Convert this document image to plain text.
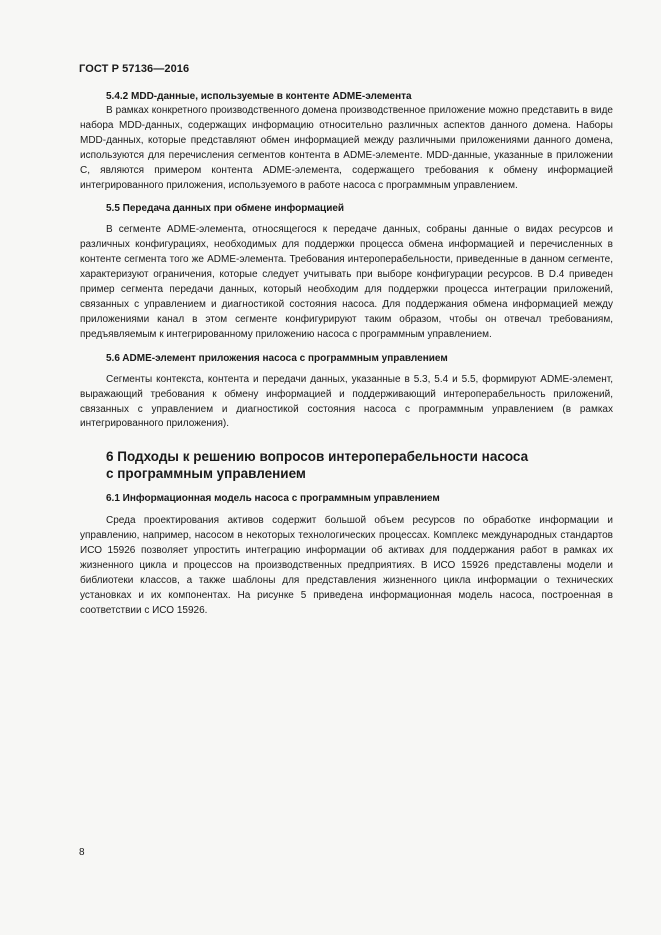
ГОСТ Р 57136—2016

5.4.2 MDD-данные, используемые в контенте ADME-элемента

В рамках конкретного производственного домена производственное приложение можно представить в виде набора MDD-данных, содержащих информацию относительно различных аспектов данного домена. Наборы MDD-данных, которые представляют обмен информацией между различными приложениями данного домена, используются для перечисления сегментов контента в ADME-элементе. MDD-данные, указанные в приложении C, являются примером контента ADME-элемента, содержащего требования к обмену информацией интегрированного приложения, используемого в работе насоса с программным управлением.

5.5 Передача данных при обмене информацией

В сегменте ADME-элемента, относящегося к передаче данных, собраны данные о видах ресурсов и различных конфигурациях, необходимых для поддержки процесса обмена информацией и перечисленных в контенте сегмента того же ADME-элемента. Требования интероперабельности, приведенные в данном сегменте, характеризуют ограничения, которые следует учитывать при выборе конфигурации ресурсов. В D.4 приведен пример сегмента передачи данных, который необходим для поддержки процесса интеграции приложений, связанных с управлением и диагностикой состояния насоса. Для поддержания обмена информацией между приложениями канал в этом сегменте конфигурируют таким образом, чтобы он отвечал требованиям, предъявляемым к интегрированному приложению насоса с программным управлением.

5.6 ADME-элемент приложения насоса с программным управлением

Сегменты контекста, контента и передачи данных, указанные в 5.3, 5.4 и 5.5, формируют ADME-элемент, выражающий требования к обмену информацией и поддерживающий интероперабельность приложений, связанных с управлением и диагностикой состояния насоса с программным управлением (в рамках интегрированного приложения).

6 Подходы к решению вопросов интероперабельности насоса
с программным управлением

6.1 Информационная модель насоса с программным управлением

Среда проектирования активов содержит большой объем ресурсов по обработке информации и управлению, например, насосом в некоторых технологических процессах. Комплекс международных стандартов ИСО 15926 позволяет упростить интеграцию информации об активах для поддержания работ в рамках их жизненного цикла и процессов на производственных предприятиях. В ИСО 15926 представлены модели и библиотеки классов, а также шаблоны для представления жизненного цикла информации о технических установках и их компонентах. На рисунке 5 приведена информационная модель насоса, построенная в соответствии с ИСО 15926.

8
